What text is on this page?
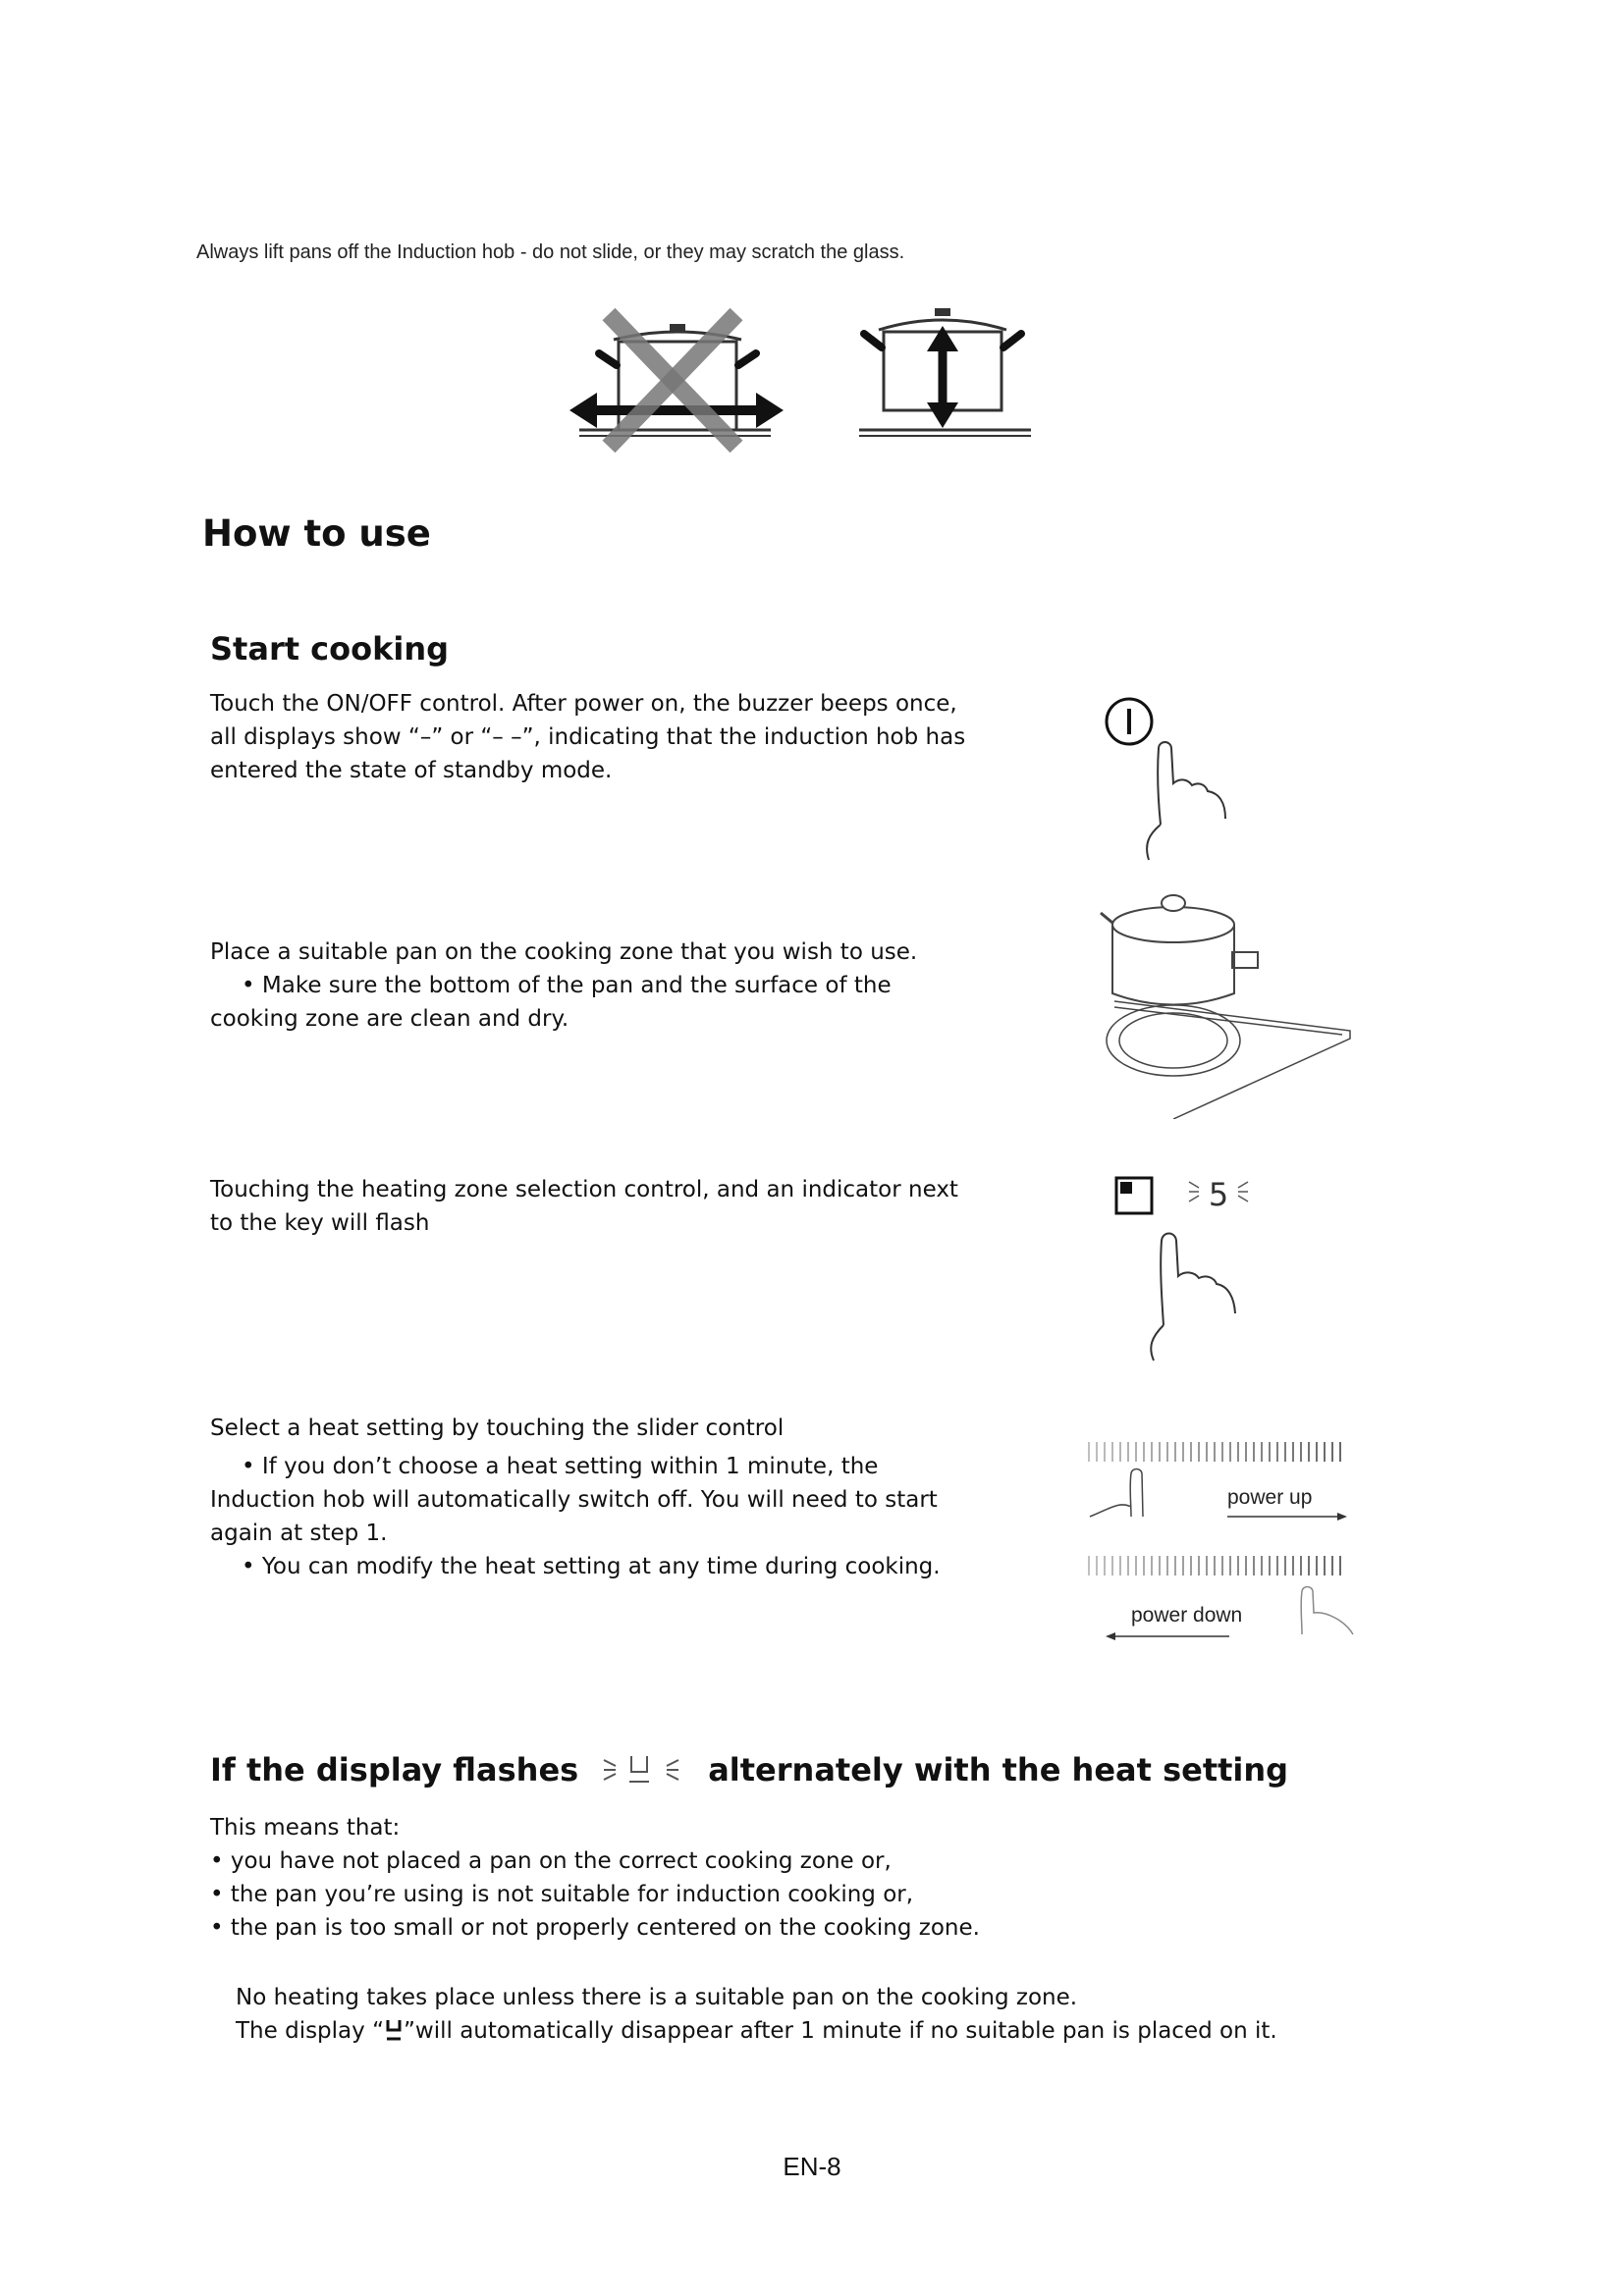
Always lift pans off the Induction hob - do not slide, or they may scratch the glass.
How to use
Start cooking

Touch the ON/OFF control. After power on, the buzzer beeps once, all displays show “–” or “– –”, indicating that the induction hob has entered the state of standby mode.

Place a suitable pan on the cooking zone that you wish to use.

• Make sure the bottom of the pan and the surface of the cooking zone are clean and dry.

Touching the heating zone selection control, and an indicator next to the key will flash

5

Select a heat setting by touching the slider control

• If you don’t choose a heat setting within 1 minute, the Induction hob will automatically switch off. You will need to start again at step 1.

• You can modify the heat setting at any time during cooking.

power up
power down
If the display flashes	alternately with the heat setting

This means that:

• you have not placed a pan on the correct cooking zone or,

• the pan you’re using is not suitable for induction cooking or,

• the pan is too small or not properly centered on the cooking zone.

No heating takes place unless there is a suitable pan on the cooking zone.

The display “ ”will automatically disappear after 1 minute if no suitable pan is placed on it.

EN-8
